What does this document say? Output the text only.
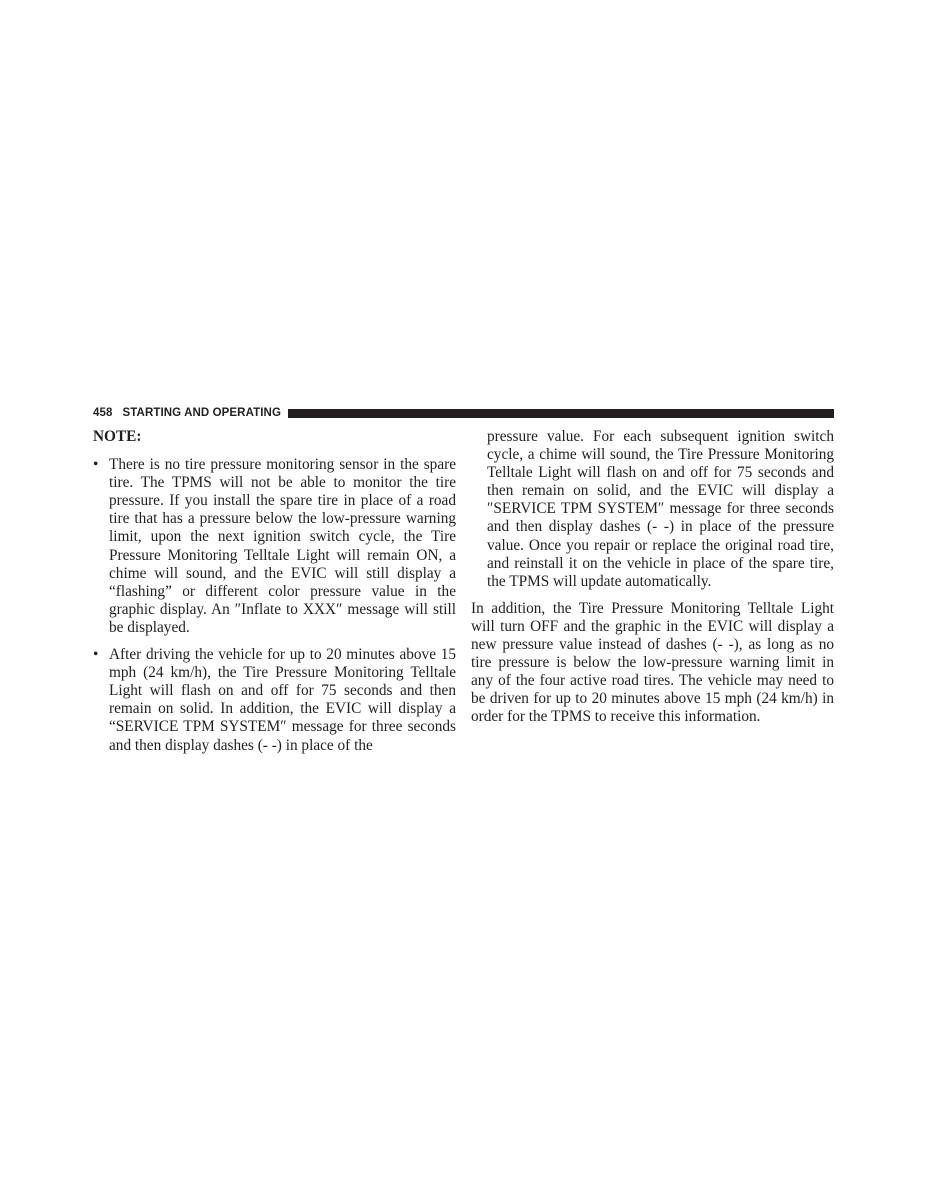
458 STARTING AND OPERATING

NOTE:

• There is no tire pressure monitoring sensor in the spare tire. The TPMS will not be able to monitor the tire pressure. If you install the spare tire in place of a road tire that has a pressure below the low-pressure warning limit, upon the next ignition switch cycle, the Tire Pressure Monitoring Telltale Light will remain ON, a chime will sound, and the EVIC will still display a “flashing” or different color pressure value in the graphic display. An ″Inflate to XXX″ message will still be displayed.
• After driving the vehicle for up to 20 minutes above 15 mph (24 km/h), the Tire Pressure Monitoring Telltale Light will flash on and off for 75 seconds and then remain on solid. In addition, the EVIC will display a “SERVICE TPM SYSTEM″ message for three seconds and then display dashes (- -) in place of the

pressure value. For each subsequent ignition switch cycle, a chime will sound, the Tire Pressure Monitoring Telltale Light will flash on and off for 75 seconds and then remain on solid, and the EVIC will display a ″SERVICE TPM SYSTEM″ message for three seconds and then display dashes (- -) in place of the pressure value. Once you repair or replace the original road tire, and reinstall it on the vehicle in place of the spare tire, the TPMS will update automatically.

In addition, the Tire Pressure Monitoring Telltale Light will turn OFF and the graphic in the EVIC will display a new pressure value instead of dashes (- -), as long as no tire pressure is below the low-pressure warning limit in any of the four active road tires. The vehicle may need to be driven for up to 20 minutes above 15 mph (24 km/h) in order for the TPMS to receive this information.
